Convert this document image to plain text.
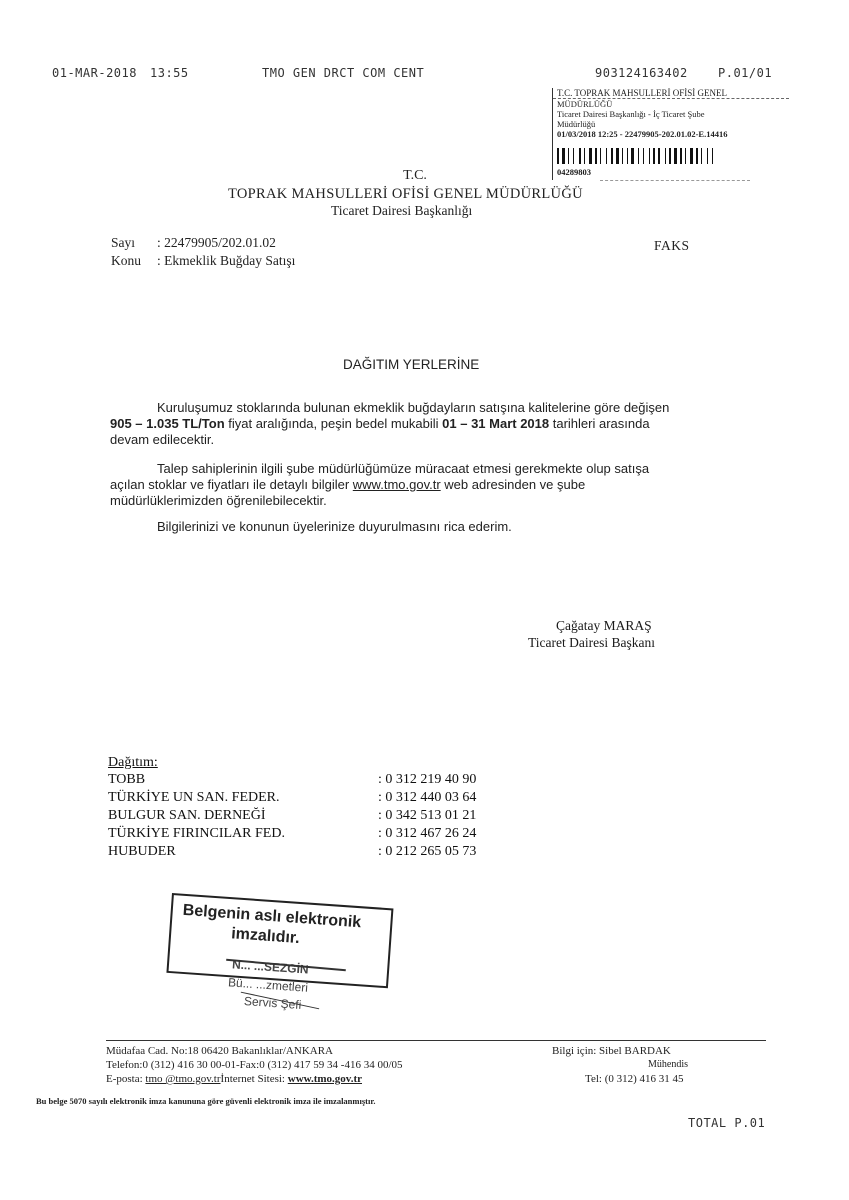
01-MAR-2018 13:55	TMO GEN DRCT COM CENT	903124163402	P.01/01
T.C. TOPRAK MAHSULLERİ OFİSİ GENEL
MÜDÜRLÜĞÜ
Ticaret Dairesi Başkanlığı - İç Ticaret Şube
Müdürlüğü
01/03/2018 12:25 - 22479905-202.01.02-E.14416
04289803
T.C.
TOPRAK MAHSULLERİ OFİSİ GENEL MÜDÜRLÜĞÜ
Ticaret Dairesi Başkanlığı
Sayı : 22479905/202.01.02
Konu : Ekmeklik Buğday Satışı
FAKS
DAĞITIM YERLERİNE
Kuruluşumuz stoklarında bulunan ekmeklik buğdayların satışına kalitelerine göre değişen
905 – 1.035 TL/Ton fiyat aralığında, peşin bedel mukabili 01 – 31 Mart 2018 tarihleri arasında
devam edilecektir.
Talep sahiplerinin ilgili şube müdürlüğümüze müracaat etmesi gerekmekte olup satışa
açılan stoklar ve fiyatları ile detaylı bilgiler www.tmo.gov.tr web adresinden ve şube
müdürlüklerimizden öğrenilebilecektir.
Bilgilerinizi ve konunun üyelerinize duyurulmasını rica ederim.
Çağatay MARAŞ
Ticaret Dairesi Başkanı
Dağıtım:
TOBB	: 0 312 219 40 90
TÜRKİYE UN SAN. FEDER.	: 0 312 440 03 64
BULGUR SAN. DERNEĞİ	: 0 342 513 01 21
TÜRKİYE FIRINCILAR FED.	: 0 312 467 26 24
HUBUDER	: 0 212 265 05 73
Belgenin aslı elektronik
imzalıdır.
N... ...SEZGİN
Bü... ...zmetleri
Servis Şefi
Müdafaa Cad. No:18 06420 Bakanlıklar/ANKARA
Telefon:0 (312) 416 30 00-01-Fax:0 (312) 417 59 34 -416 34 00/05
E-posta: tmo @tmo.gov.trİnternet Sitesi: www.tmo.gov.tr
Bilgi için: Sibel BARDAK
Mühendis
Tel: (0 312) 416 31 45
Bu belge 5070 sayılı elektronik imza kanununa göre güvenli elektronik imza ile imzalanmıştır.
TOTAL P.01
